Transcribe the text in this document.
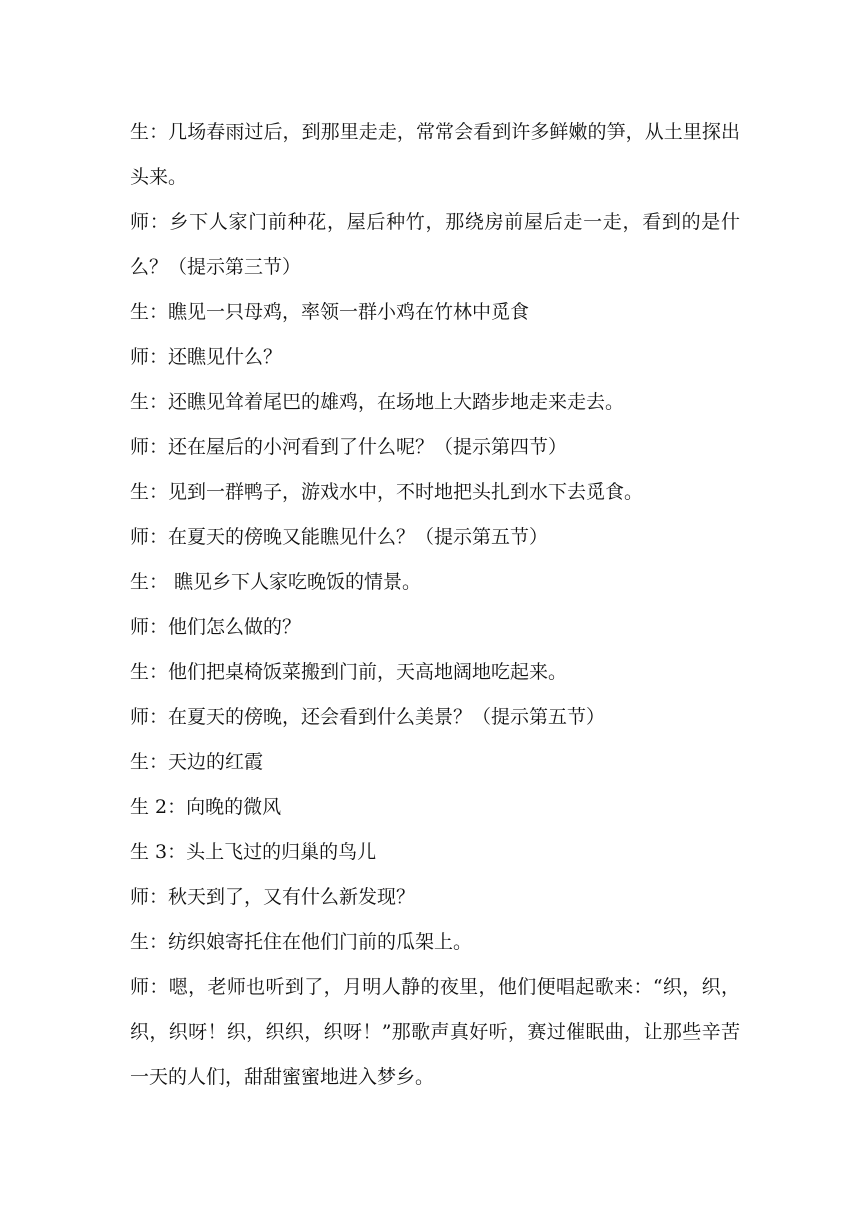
生：几场春雨过后，到那里走走，常常会看到许多鲜嫩的笋，从土里探出头来。

师：乡下人家门前种花，屋后种竹，那绕房前屋后走一走，看到的是什么？（提示第三节）

生：瞧见一只母鸡，率领一群小鸡在竹林中觅食

师：还瞧见什么？

生：还瞧见耸着尾巴的雄鸡，在场地上大踏步地走来走去。

师：还在屋后的小河看到了什么呢？（提示第四节）

生：见到一群鸭子，游戏水中，不时地把头扎到水下去觅食。

师：在夏天的傍晚又能瞧见什么？（提示第五节）

生： 瞧见乡下人家吃晚饭的情景。

师：他们怎么做的？

生：他们把桌椅饭菜搬到门前，天高地阔地吃起来。

师：在夏天的傍晚，还会看到什么美景？（提示第五节）

生：天边的红霞

生 2：向晚的微风

生 3：头上飞过的归巢的鸟儿

师：秋天到了，又有什么新发现？

生：纺织娘寄托住在他们门前的瓜架上。

师：嗯，老师也听到了，月明人静的夜里，他们便唱起歌来：“织，织，织，织呀！织，织织，织呀！”那歌声真好听，赛过催眠曲，让那些辛苦一天的人们，甜甜蜜蜜地进入梦乡。
